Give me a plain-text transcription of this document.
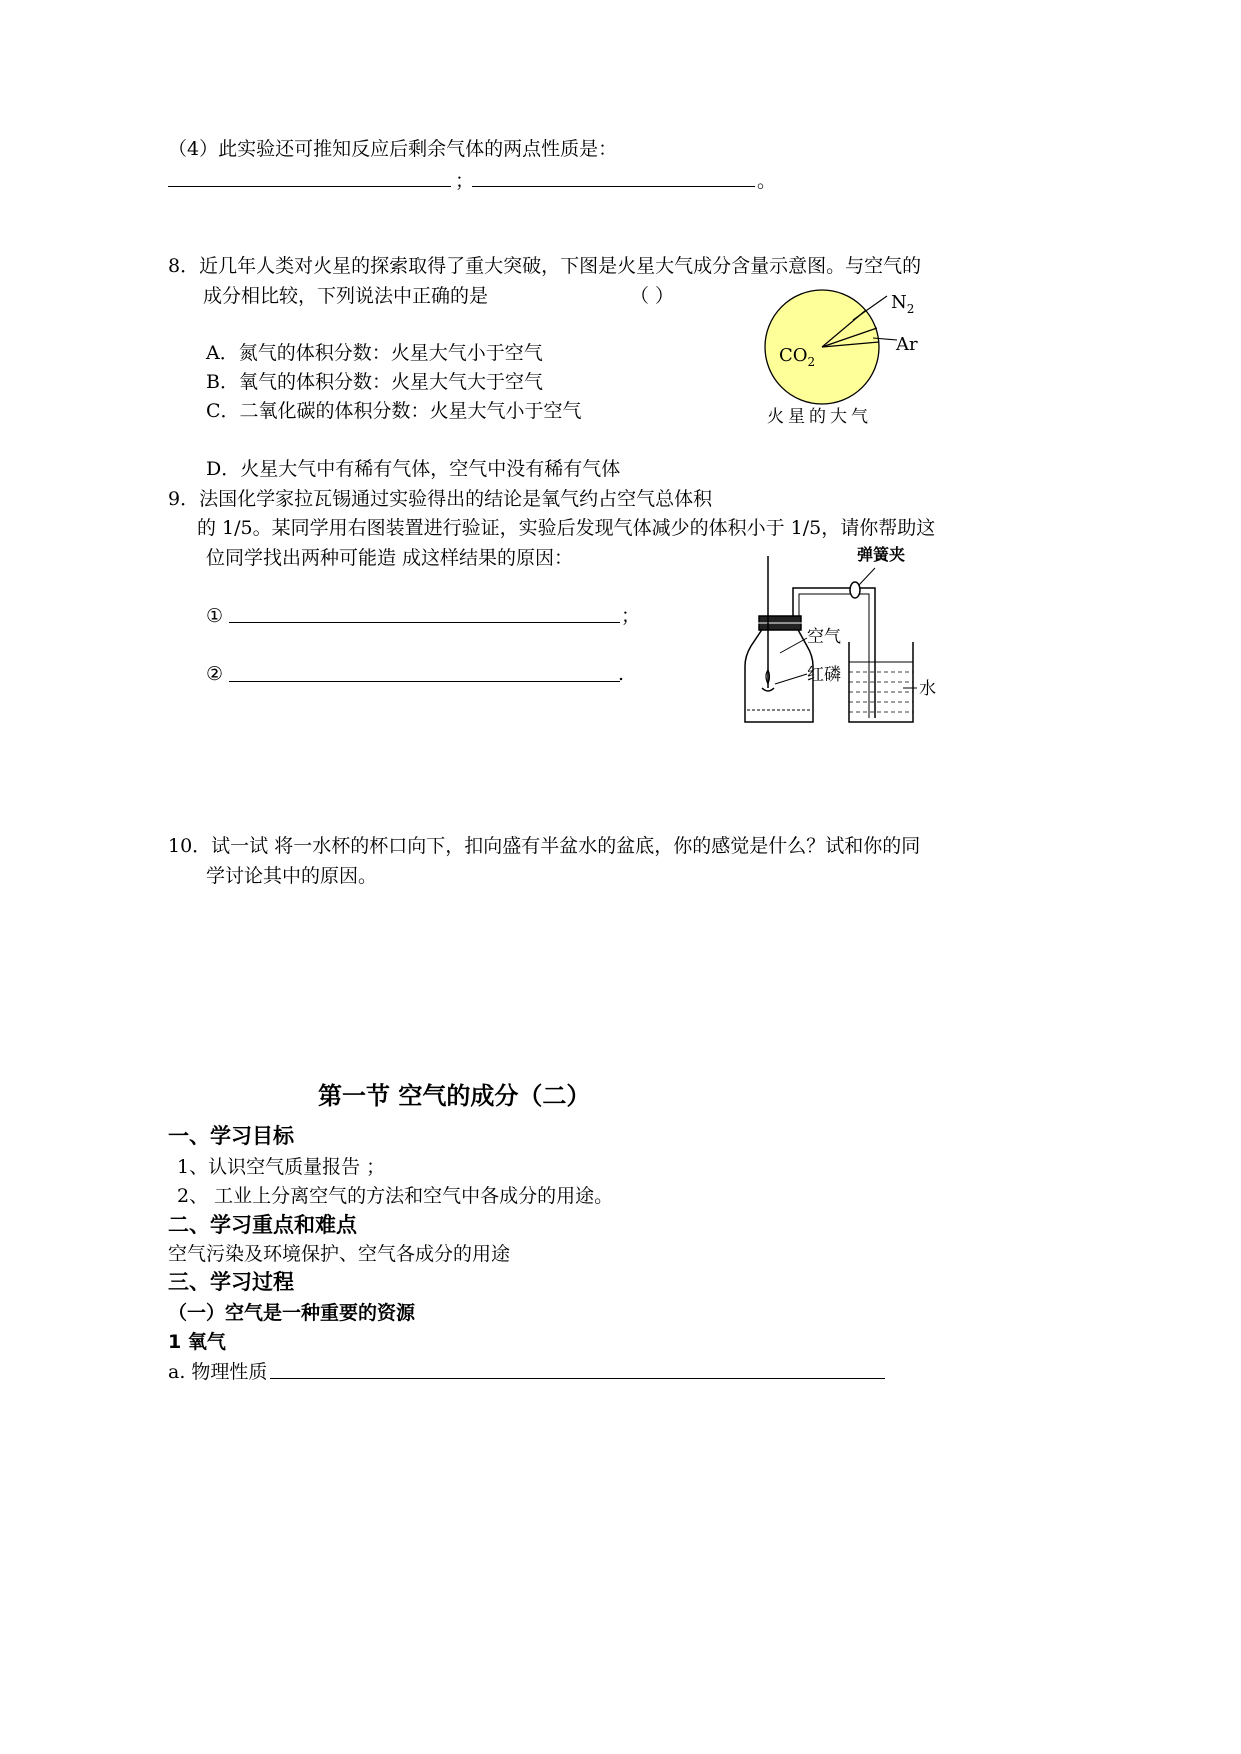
（4）此实验还可推知反应后剩余气体的两点性质是：
；	。
8．近几年人类对火星的探索取得了重大突破，下图是火星大气成分含量示意图。与空气的
成分相比较，下列说法中正确的是	（ ）
A．氮气的体积分数：火星大气小于空气
B．氧气的体积分数：火星大气大于空气
C．二氧化碳的体积分数：火星大气小于空气
D．火星大气中有稀有气体，空气中没有稀有气体
$N_2$
Ar
$CO_2$
火星的大气
9．法国化学家拉瓦锡通过实验得出的结论是氧气约占空气总体积
的 1/5。某同学用右图装置进行验证，实验后发现气体减少的体积小于 1/5，请你帮助这
位同学找出两种可能造 成这样结果的原因：
①	；
②	.
弹簧夹
空气
红磷
水
10．试一试 将一水杯的杯口向下，扣向盛有半盆水的盆底，你的感觉是什么？试和你的同
学讨论其中的原因。
第一节 空气的成分（二）
一、学习目标
1、认识空气质量报告 ；
2、 工业上分离空气的方法和空气中各成分的用途。
二、学习重点和难点
空气污染及环境保护、空气各成分的用途
三、学习过程
（一）空气是一种重要的资源
1 氧气
a. 物理性质
